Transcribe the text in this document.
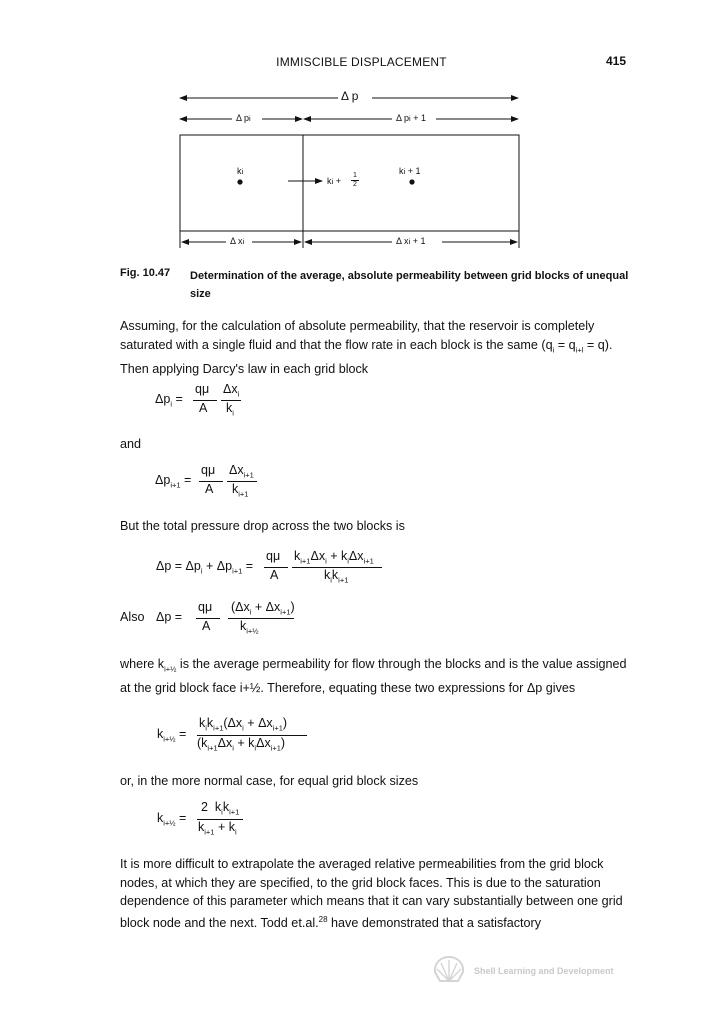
IMMISCIBLE DISPLACEMENT	415
Δ p
Δ pi	Δ pi + 1
ki
ki +
1
2
ki + 1
Δ xi	Δ xi + 1
Fig. 10.47 Determination of the average, absolute permeability between grid blocks of unequal size
Assuming, for the calculation of absolute permeability, that the reservoir is completely saturated with a single fluid and that the flow rate in each block is the same $(q_i = q_{i+l} = q)$. Then applying Darcy's law in each grid block
$\Delta p_i$ =
qμ
A
$\Delta x_i$
$k_i$
and
$\Delta p_{i+1}$ =
qμ
A
$\Delta x_{i+1}$
$k_{i+1}$
But the total pressure drop across the two blocks is
$\Delta p = \Delta p_i + \Delta p_{i+1}$ =
qμ
A
$k_{i+1}\Delta x_i + k_i\Delta x_{i+1}$
$k_ik_{i+1}$
Also Δp =
qμ
A
$(\Delta x_i + \Delta x_{i+1})$
$k_{i+\frac{1}{2}}$
where $k_{i+\frac{1}{2}}$ is the average permeability for flow through the blocks and is the value assigned at the grid block face i+½. Therefore, equating these two expressions for Δp gives
$k_{i+\frac{1}{2}}$ =
$k_ik_{i+1}(\Delta x_i + \Delta x_{i+1})$
$(k_{i+1}\Delta x_i + k_i\Delta x_{i+1})$
or, in the more normal case, for equal grid block sizes
$k_{i+\frac{1}{2}}$ =
2  $k_ik_{i+1}$
$k_{i+1} + k_i$
It is more difficult to extrapolate the averaged relative permeabilities from the grid block nodes, at which they are specified, to the grid block faces. This is due to the saturation dependence of this parameter which means that it can vary substantially between one grid block node and the next. Todd et.al.$^{28}$ have demonstrated that a satisfactory
Shell Learning and Development
